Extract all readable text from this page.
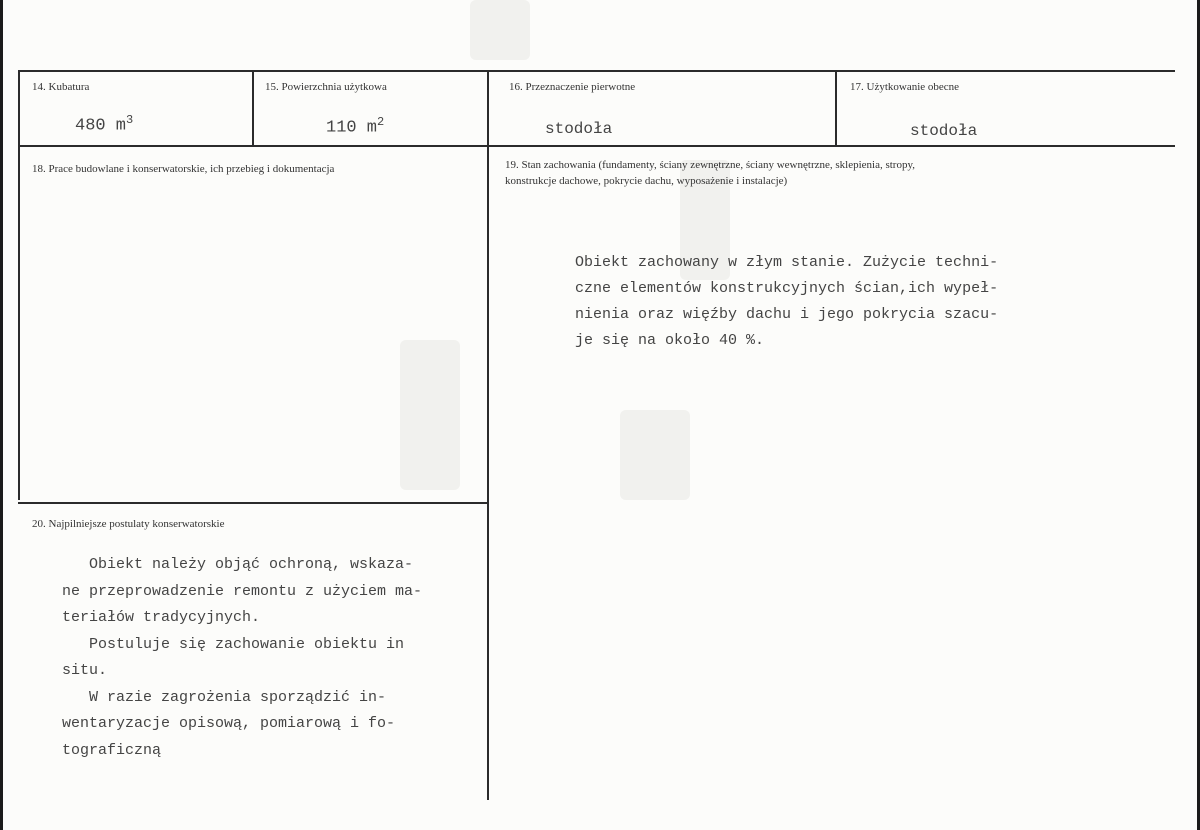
14. Kubatura	15. Powierzchnia użytkowa	16. Przeznaczenie pierwotne	17. Użytkowanie obecne
480 $m^3$	110 $m^2$	stodoła	stodoła
18. Prace budowlane i konserwatorskie, ich przebieg i dokumentacja	19. Stan zachowania (fundamenty, ściany zewnętrzne, ściany wewnętrzne, sklepienia, stropy,
konstrukcje dachowe, pokrycie dachu, wyposażenie i instalacje)
Obiekt zachowany w złym stanie. Zużycie techni-
czne elementów konstrukcyjnych ścian,ich wypeł-
nienia oraz więźby dachu i jego pokrycia szacu-
je się na około 40 %.
20. Najpilniejsze postulaty konserwatorskie
Obiekt należy objąć ochroną, wskaza-
ne przeprowadzenie remontu z użyciem ma-
teriałów tradycyjnych.
Postuluje się zachowanie obiektu in
situ.
W razie zagrożenia sporządzić in-
wentaryzacje opisową, pomiarową i fo-
tograficzną
